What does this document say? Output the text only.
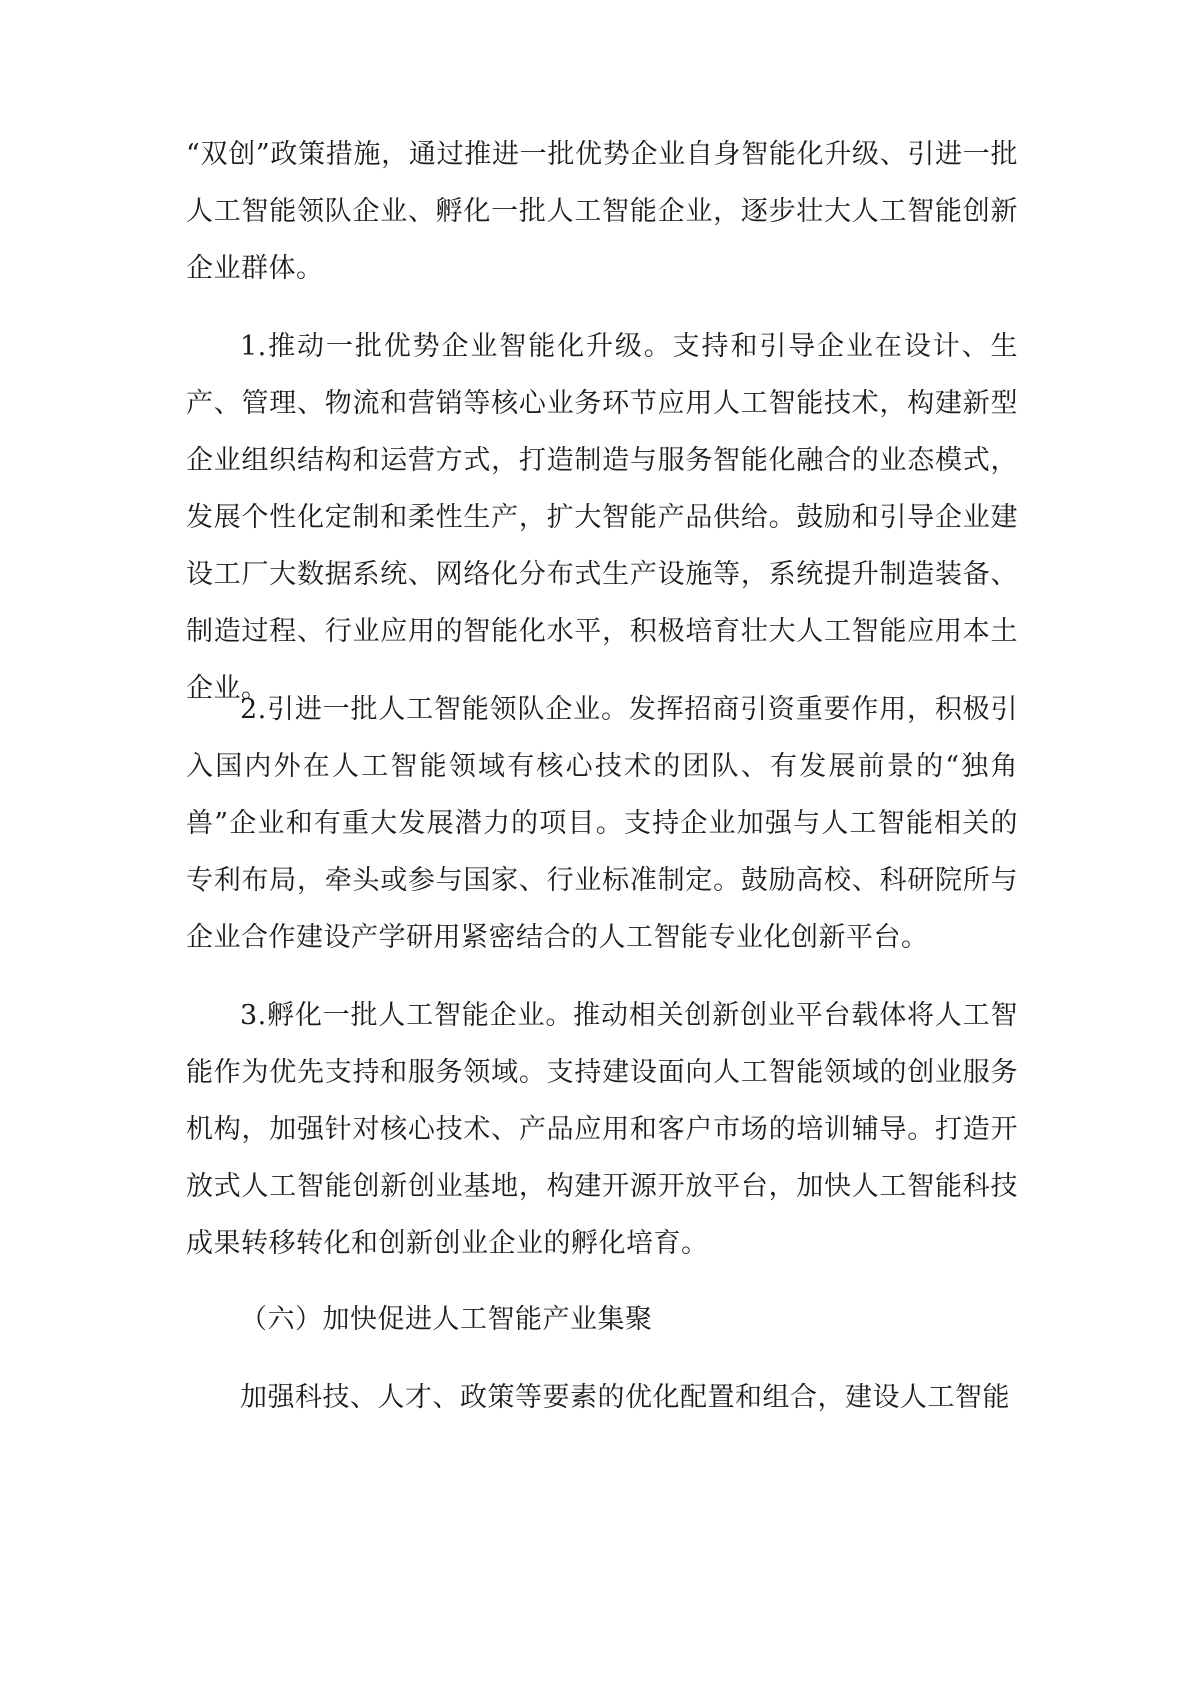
“双创”政策措施，通过推进一批优势企业自身智能化升级、引进一批人工智能领队企业、孵化一批人工智能企业，逐步壮大人工智能创新企业群体。

1.推动一批优势企业智能化升级。支持和引导企业在设计、生产、管理、物流和营销等核心业务环节应用人工智能技术，构建新型企业组织结构和运营方式，打造制造与服务智能化融合的业态模式，发展个性化定制和柔性生产，扩大智能产品供给。鼓励和引导企业建设工厂大数据系统、网络化分布式生产设施等，系统提升制造装备、制造过程、行业应用的智能化水平，积极培育壮大人工智能应用本土企业。

2.引进一批人工智能领队企业。发挥招商引资重要作用，积极引入国内外在人工智能领域有核心技术的团队、有发展前景的“独角兽”企业和有重大发展潜力的项目。支持企业加强与人工智能相关的专利布局，牵头或参与国家、行业标准制定。鼓励高校、科研院所与企业合作建设产学研用紧密结合的人工智能专业化创新平台。

3.孵化一批人工智能企业。推动相关创新创业平台载体将人工智能作为优先支持和服务领域。支持建设面向人工智能领域的创业服务机构，加强针对核心技术、产品应用和客户市场的培训辅导。打造开放式人工智能创新创业基地，构建开源开放平台，加快人工智能科技成果转移转化和创新创业企业的孵化培育。

（六）加快促进人工智能产业集聚

加强科技、人才、政策等要素的优化配置和组合，建设人工智能
